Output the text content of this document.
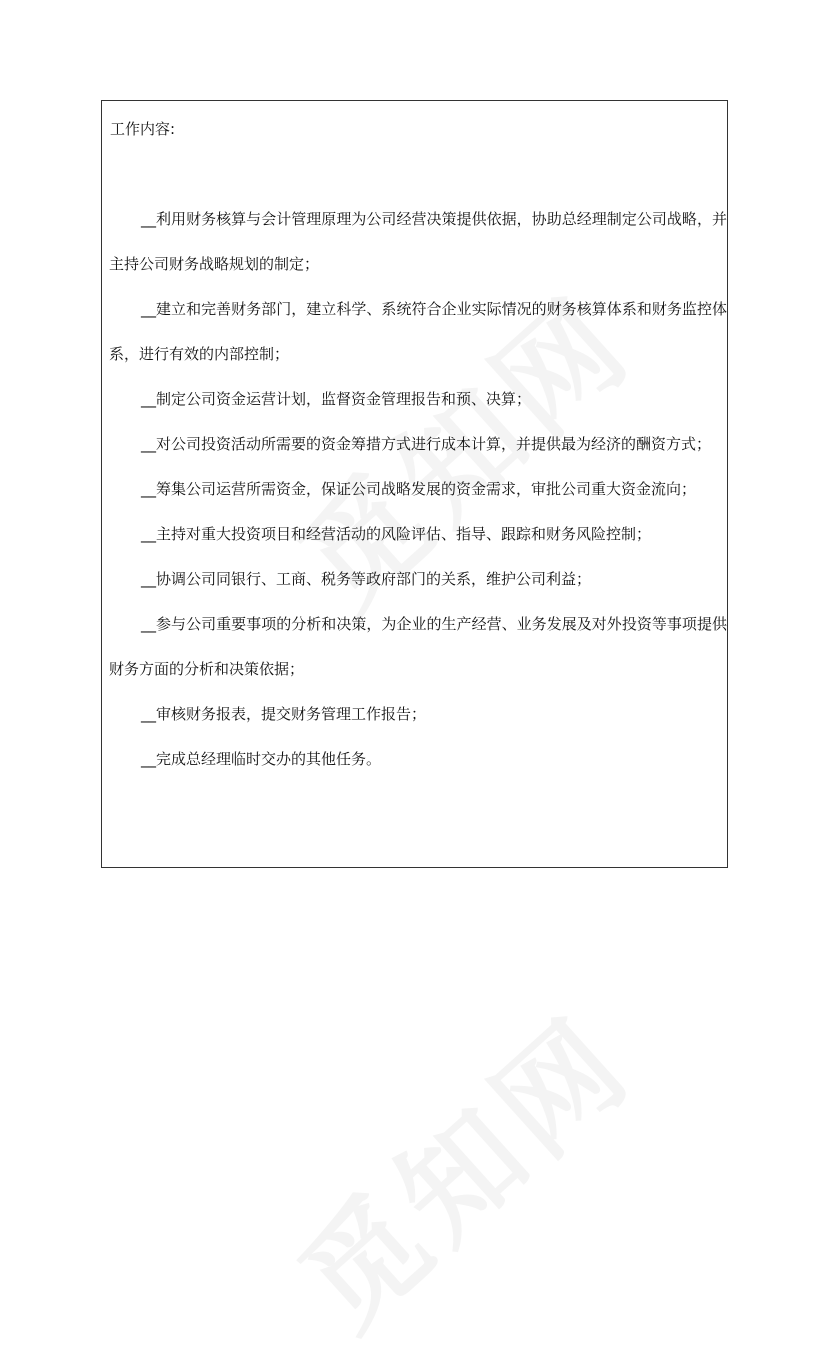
工作内容:
__利用财务核算与会计管理原理为公司经营决策提供依据，协助总经理制定公司战略，并主持公司财务战略规划的制定；
__建立和完善财务部门，建立科学、系统符合企业实际情况的财务核算体系和财务监控体系，进行有效的内部控制；
__制定公司资金运营计划，监督资金管理报告和预、决算；
__对公司投资活动所需要的资金筹措方式进行成本计算，并提供最为经济的酬资方式；
__筹集公司运营所需资金，保证公司战略发展的资金需求，审批公司重大资金流向；
__主持对重大投资项目和经营活动的风险评估、指导、跟踪和财务风险控制；
__协调公司同银行、工商、税务等政府部门的关系，维护公司利益；
__参与公司重要事项的分析和决策，为企业的生产经营、业务发展及对外投资等事项提供财务方面的分析和决策依据；
__审核财务报表，提交财务管理工作报告；
__完成总经理临时交办的其他任务。
